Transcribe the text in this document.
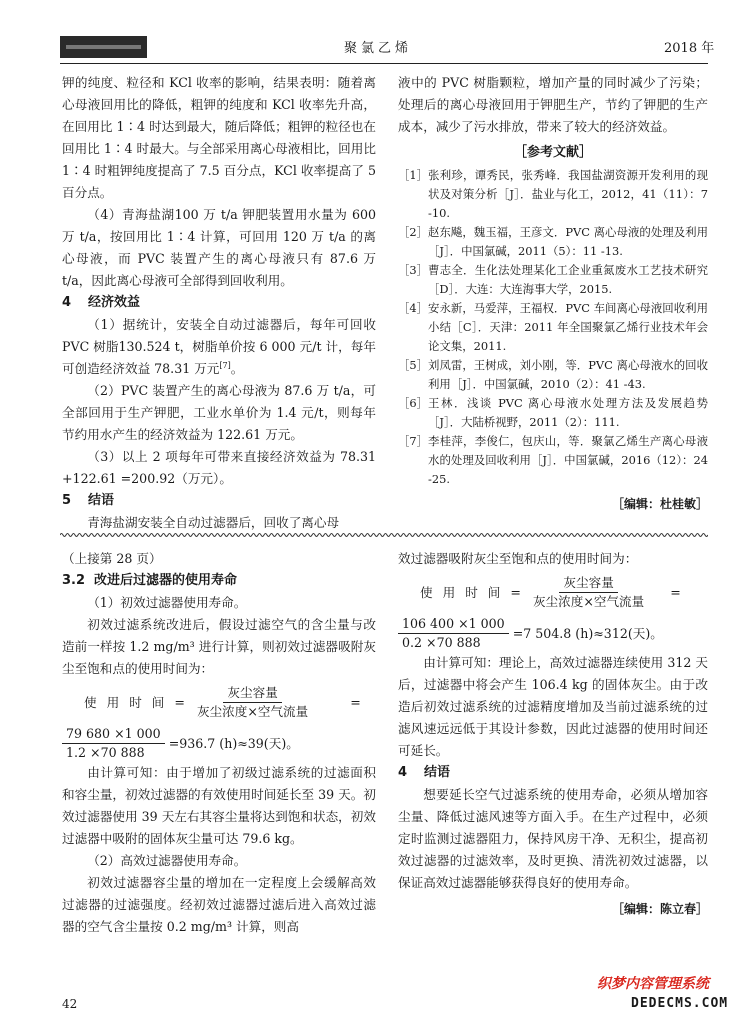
聚氯乙烯	2018 年

钾的纯度、粒径和 KCl 收率的影响，结果表明：随着离心母液回用比的降低，粗钾的纯度和 KCl 收率先升高，在回用比 1∶4 时达到最大，随后降低；粗钾的粒径也在回用比 1∶4 时最大。与全部采用离心母液相比，回用比 1∶4 时粗钾纯度提高了 7.5 百分点，KCl 收率提高了 5 百分点。

（4）青海盐湖100 万 t/a 钾肥装置用水量为 600 万 t/a，按回用比 1∶4 计算，可回用 120 万 t/a 的离心母液，而 PVC 装置产生的离心母液只有 87.6 万 t/a，因此离心母液可全部得到回收利用。

4 经济效益

（1）据统计，安装全自动过滤器后，每年可回收 PVC 树脂130.524 t，树脂单价按 6 000 元/t 计，每年可创造经济效益 78.31 万元[7]。

（2）PVC 装置产生的离心母液为 87.6 万 t/a，可全部回用于生产钾肥，工业水单价为 1.4 元/t，则每年节约用水产生的经济效益为 122.61 万元。

（3）以上 2 项每年可带来直接经济效益为 78.31 +122.61 =200.92（万元）。

5 结语

青海盐湖安装全自动过滤器后，回收了离心母

液中的 PVC 树脂颗粒，增加产量的同时减少了污染；处理后的离心母液回用于钾肥生产，节约了钾肥的生产成本，减少了污水排放，带来了较大的经济效益。

［参考文献］
［1］ 张利珍，谭秀民，张秀峰．我国盐湖资源开发利用的现状及对策分析［J］．盐业与化工，2012，41（11）：7 -10.
［2］ 赵东飚，魏玉福，王彦文．PVC 离心母液的处理及利用［J］．中国氯碱，2011（5）：11 -13.
［3］ 曹志全．生化法处理某化工企业重氮废水工艺技术研究［D］．大连：大连海事大学，2015.
［4］ 安永新，马爱萍，王福权．PVC 车间离心母液回收利用小结［C］．天津：2011 年全国聚氯乙烯行业技术年会论文集，2011.
［5］ 刘凤雷，王树成，刘小刚，等．PVC 离心母液水的回收利用［J］．中国氯碱，2010（2）：41 -43.
［6］ 王林．浅谈 PVC 离心母液水处理方法及发展趋势［J］．大陆桥视野，2011（2）：111.
［7］ 李桂萍，李俊仁，包庆山，等．聚氯乙烯生产离心母液水的处理及回收利用［J］．中国氯碱，2016（12）：24 -25.
［编辑：杜桂敏］

（上接第 28 页）

3.2 改进后过滤器的使用寿命

（1）初效过滤器使用寿命。

初效过滤系统改进后，假设过滤空气的含尘量与改造前一样按 1.2 mg/m³ 进行计算，则初效过滤器吸附灰尘至饱和点的使用时间为：

使用时间 = $\frac{\text{灰尘容量}}{\text{灰尘浓度×空气流量}}$	=
$\frac{79 680 \times 1 000}{1.2 \times 70 888} =936.7$ (h)≈39(天)。

由计算可知：由于增加了初级过滤系统的过滤面积和容尘量，初效过滤器的有效使用时间延长至 39 天。初效过滤器使用 39 天左右其容尘量将达到饱和状态，初效过滤器中吸附的固体灰尘量可达 79.6 kg。

（2）高效过滤器使用寿命。

初效过滤器容尘量的增加在一定程度上会缓解高效过滤器的过滤强度。经初效过滤器过滤后进入高效过滤器的空气含尘量按 0.2 mg/m³ 计算，则高

效过滤器吸附灰尘至饱和点的使用时间为：

使用时间 = $\frac{\text{灰尘容量}}{\text{灰尘浓度×空气流量}}$ =
$\frac{106 400 \times 1 000}{0.2 \times 70 888} =7$ 504.8 (h)≈312(天)。

由计算可知：理论上，高效过滤器连续使用 312 天后，过滤器中将会产生 106.4 kg 的固体灰尘。由于改造后初效过滤系统的过滤精度增加及当前过滤系统的过滤风速远远低于其设计参数，因此过滤器的使用时间还可延长。

4 结语

想要延长空气过滤系统的使用寿命，必须从增加容尘量、降低过滤风速等方面入手。在生产过程中，必须定时监测过滤器阻力，保持风房干净、无积尘，提高初效过滤器的过滤效率，及时更换、清洗初效过滤器，以保证高效过滤器能够获得良好的使用寿命。

［编辑：陈立春］
42
织梦内容管理系统
DEDECMS.COM
